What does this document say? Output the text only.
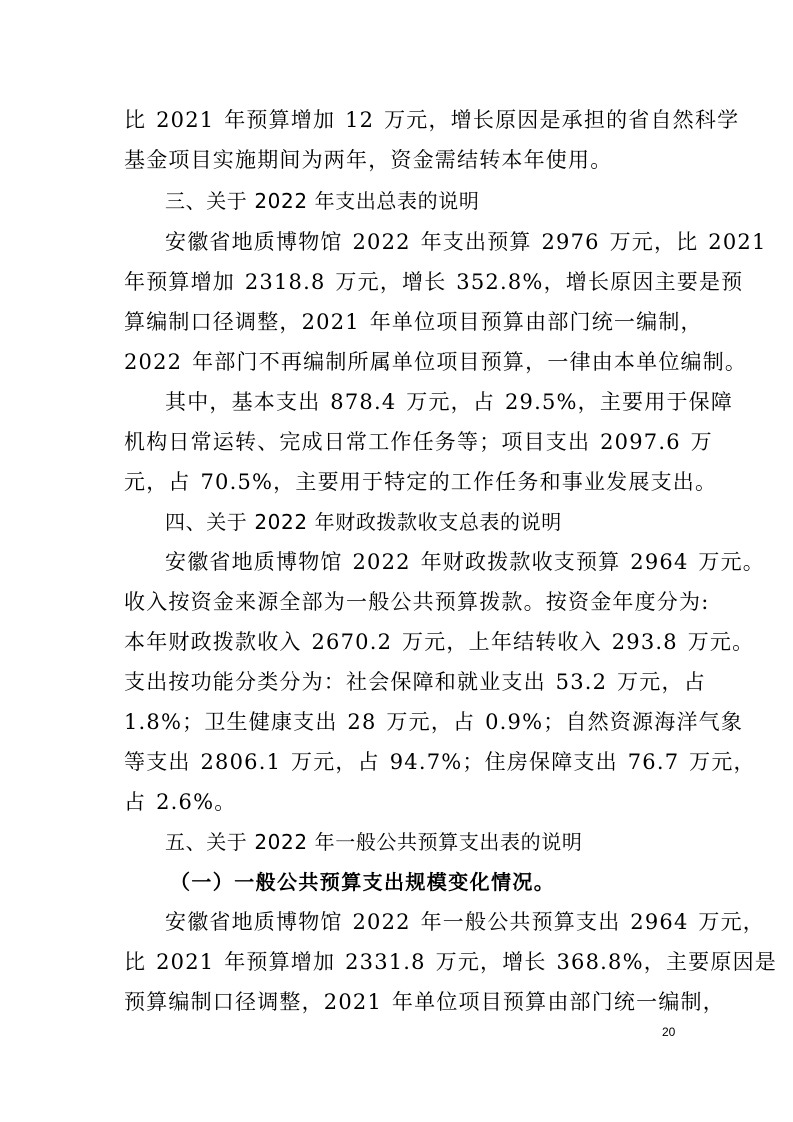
比 2021 年预算增加 12 万元，增长原因是承担的省自然科学
基金项目实施期间为两年，资金需结转本年使用。
三、关于 2022 年支出总表的说明
安徽省地质博物馆 2022 年支出预算 2976 万元，比 2021
年预算增加 2318.8 万元，增长 352.8%，增长原因主要是预
算编制口径调整，2021 年单位项目预算由部门统一编制，
2022 年部门不再编制所属单位项目预算，一律由本单位编制。
其中，基本支出 878.4 万元，占 29.5%，主要用于保障
机构日常运转、完成日常工作任务等；项目支出 2097.6 万
元，占 70.5%，主要用于特定的工作任务和事业发展支出。
四、关于 2022 年财政拨款收支总表的说明
安徽省地质博物馆 2022 年财政拨款收支预算 2964 万元。
收入按资金来源全部为一般公共预算拨款。按资金年度分为:
本年财政拨款收入 2670.2 万元，上年结转收入 293.8 万元。
支出按功能分类分为：社会保障和就业支出 53.2 万元，占
1.8%；卫生健康支出 28 万元，占 0.9%；自然资源海洋气象
等支出 2806.1 万元，占 94.7%；住房保障支出 76.7 万元，
占 2.6%。
五、关于 2022 年一般公共预算支出表的说明
（一）一般公共预算支出规模变化情况。
安徽省地质博物馆 2022 年一般公共预算支出 2964 万元，
比 2021 年预算增加 2331.8 万元，增长 368.8%，主要原因是
预算编制口径调整，2021 年单位项目预算由部门统一编制，
20
